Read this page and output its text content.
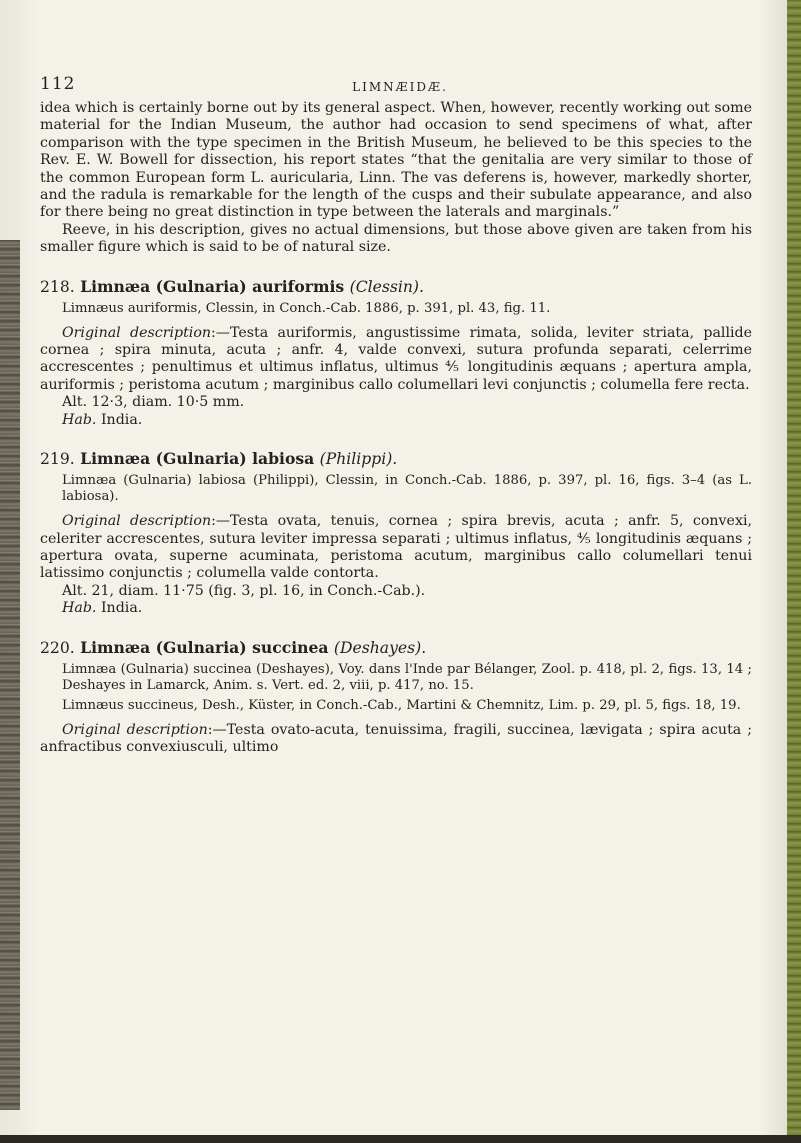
112	LIMNÆIDÆ.

idea which is certainly borne out by its general aspect. When, however, recently working out some material for the Indian Museum, the author had occasion to send specimens of what, after comparison with the type specimen in the British Museum, he believed to be this species to the Rev. E. W. Bowell for dissection, his report states “that the genitalia are very similar to those of the common European form L. auricularia, Linn. The vas deferens is, however, markedly shorter, and the radula is remarkable for the length of the cusps and their subulate appearance, and also for there being no great distinction in type between the laterals and marginals.”

Reeve, in his description, gives no actual dimensions, but those above given are taken from his smaller figure which is said to be of natural size.

218. Limnæa (Gulnaria) auriformis (Clessin).

Limnæus auriformis, Clessin, in Conch.-Cab. 1886, p. 391, pl. 43, fig. 11.

Original description:—Testa auriformis, angustissime rimata, solida, leviter striata, pallide cornea ; spira minuta, acuta ; anfr. 4, valde convexi, sutura profunda separati, celerrime accrescentes ; penultimus et ultimus inflatus, ultimus ⅘ longitudinis æquans ; apertura ampla, auriformis ; peristoma acutum ; marginibus callo columellari levi conjunctis ; columella fere recta.

Alt. 12·3, diam. 10·5 mm.

Hab. India.

219. Limnæa (Gulnaria) labiosa (Philippi).

Limnæa (Gulnaria) labiosa (Philippi), Clessin, in Conch.-Cab. 1886, p. 397, pl. 16, figs. 3–4 (as L. labiosa).

Original description:—Testa ovata, tenuis, cornea ; spira brevis, acuta ; anfr. 5, convexi, celeriter accrescentes, sutura leviter impressa separati ; ultimus inflatus, ⅘ longitudinis æquans ; apertura ovata, superne acuminata, peristoma acutum, marginibus callo columellari tenui latissimo conjunctis ; columella valde contorta.

Alt. 21, diam. 11·75 (fig. 3, pl. 16, in Conch.-Cab.).

Hab. India.

220. Limnæa (Gulnaria) succinea (Deshayes).

Limnæa (Gulnaria) succinea (Deshayes), Voy. dans l'Inde par Bélanger, Zool. p. 418, pl. 2, figs. 13, 14 ; Deshayes in Lamarck, Anim. s. Vert. ed. 2, viii, p. 417, no. 15.

Limnæus succineus, Desh., Küster, in Conch.-Cab., Martini & Chemnitz, Lim. p. 29, pl. 5, figs. 18, 19.

Original description:—Testa ovato-acuta, tenuissima, fragili, succinea, lævigata ; spira acuta ; anfractibus convexiusculi, ultimo
